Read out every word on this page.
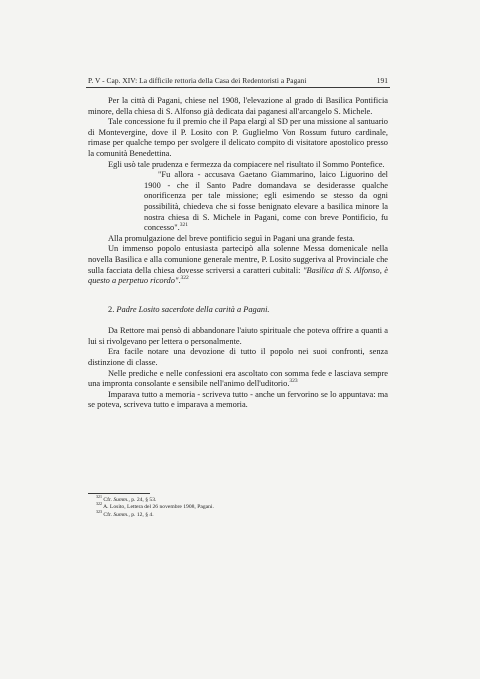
P. V - Cap. XIV: La difficile rettoria della Casa dei Redentoristi a Pagani	191

Per la città di Pagani, chiese nel 1908, l'elevazione al grado di Basilica Pontificia minore, della chiesa di S. Alfonso già dedicata dai paganesi all'arcangelo S. Michele.

Tale concessione fu il premio che il Papa elargì al SD per una missione al santuario di Montevergine, dove il P. Losito con P. Guglielmo Von Rossum futuro cardinale, rimase per qualche tempo per svolgere il delicato compito di visitatore apostolico presso la comunità Benedettina.

Egli usò tale prudenza e fermezza da compiacere nel risultato il Sommo Pontefice.

"Fu allora - accusava Gaetano Giammarino, laico Liguorino del 1900 - che il Santo Padre domandava se desiderasse qualche onorificenza per tale missione; egli esimendo se stesso da ogni possibilità, chiedeva che si fosse benignato elevare a basilica minore la nostra chiesa di S. Michele in Pagani, come con breve Pontificio, fu concesso".$^{321}$

Alla promulgazione del breve pontificio seguì in Pagani una grande festa.

Un immenso popolo entusiasta partecipò alla solenne Messa domenicale nella novella Basilica e alla comunione generale mentre, P. Losito suggeriva al Provinciale che sulla facciata della chiesa dovesse scriversi a caratteri cubitali: "Basilica di S. Alfonso, è questo a perpetuo ricordo".$^{322}$

2. Padre Losito sacerdote della carità a Pagani.

Da Rettore mai pensò di abbandonare l'aiuto spirituale che poteva offrire a quanti a lui si rivolgevano per lettera o personalmente.

Era facile notare una devozione di tutto il popolo nei suoi confronti, senza distinzione di classe.

Nelle prediche e nelle confessioni era ascoltato con somma fede e lasciava sempre una impronta consolante e sensibile nell'animo dell'uditorio.$^{323}$

Imparava tutto a memoria - scriveva tutto - anche un fervorino se lo appuntava: ma se poteva, scriveva tutto e imparava a memoria.

$^{321}$ Cfr. Summ., p. 24, § 53.
$^{322}$ A. Losito, Lettera del 26 novembre 1908, Pagani.
$^{323}$ Cfr. Summ., p. 12, § 4.
